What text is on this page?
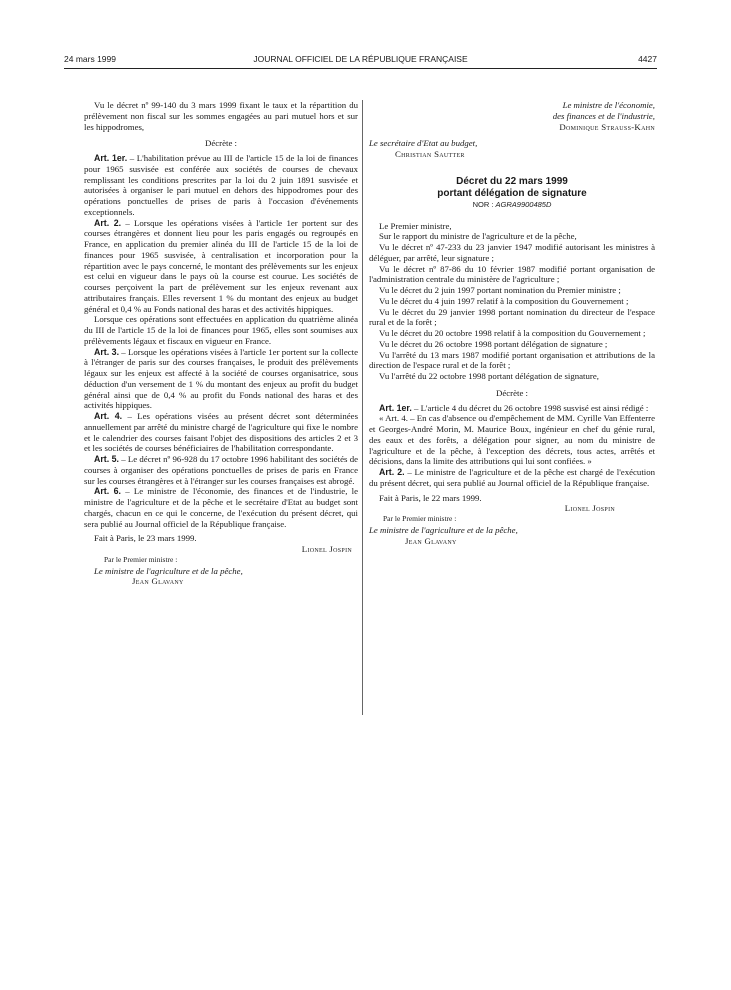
24 mars 1999	JOURNAL OFFICIEL DE LA RÉPUBLIQUE FRANÇAISE	4427

Vu le décret nº 99-140 du 3 mars 1999 fixant le taux et la répartition du prélèvement non fiscal sur les sommes engagées au pari mutuel hors et sur les hippodromes,

Décrète :

Art. 1er. – L'habilitation prévue au III de l'article 15 de la loi de finances pour 1965 susvisée est conférée aux sociétés de courses de chevaux remplissant les conditions prescrites par la loi du 2 juin 1891 susvisée et autorisées à organiser le pari mutuel en dehors des hippodromes pour des opérations ponctuelles de prises de paris à l'occasion d'événements exceptionnels.

Art. 2. – Lorsque les opérations visées à l'article 1er portent sur des courses étrangères et donnent lieu pour les paris engagés ou regroupés en France, en application du premier alinéa du III de l'article 15 de la loi de finances pour 1965 susvisée, à centralisation et incorporation pour la répartition avec le pays concerné, le montant des prélèvements sur les enjeux est celui en vigueur dans le pays où la course est courue. Les sociétés de courses perçoivent la part de prélèvement sur les enjeux revenant aux attributaires français. Elles reversent 1 % du montant des enjeux au budget général et 0,4 % au Fonds national des haras et des activités hippiques.

Lorsque ces opérations sont effectuées en application du quatrième alinéa du III de l'article 15 de la loi de finances pour 1965, elles sont soumises aux prélèvements légaux et fiscaux en vigueur en France.

Art. 3. – Lorsque les opérations visées à l'article 1er portent sur la collecte à l'étranger de paris sur des courses françaises, le produit des prélèvements légaux sur les enjeux est affecté à la société de courses organisatrice, sous déduction d'un versement de 1 % du montant des enjeux au profit du budget général ainsi que de 0,4 % au profit du Fonds national des haras et des activités hippiques.

Art. 4. – Les opérations visées au présent décret sont déterminées annuellement par arrêté du ministre chargé de l'agriculture qui fixe le nombre et le calendrier des courses faisant l'objet des dispositions des articles 2 et 3 et les sociétés de courses bénéficiaires de l'habilitation correspondante.

Art. 5. – Le décret nº 96-928 du 17 octobre 1996 habilitant des sociétés de courses à organiser des opérations ponctuelles de prises de paris en France sur les courses étrangères et à l'étranger sur les courses françaises est abrogé.

Art. 6. – Le ministre de l'économie, des finances et de l'industrie, le ministre de l'agriculture et de la pêche et le secrétaire d'Etat au budget sont chargés, chacun en ce qui le concerne, de l'exécution du présent décret, qui sera publié au Journal officiel de la République française.

Fait à Paris, le 23 mars 1999.

Lionel Jospin

Par le Premier ministre :

Le ministre de l'agriculture et de la pêche,

Jean Glavany

Le ministre de l'économie,

des finances et de l'industrie,

Dominique Strauss-Kahn

Le secrétaire d'Etat au budget,

Christian Sautter

Décret du 22 mars 1999
portant délégation de signature
NOR : AGRA9900485D

Le Premier ministre,

Sur le rapport du ministre de l'agriculture et de la pêche,

Vu le décret nº 47-233 du 23 janvier 1947 modifié autorisant les ministres à déléguer, par arrêté, leur signature ;

Vu le décret nº 87-86 du 10 février 1987 modifié portant organisation de l'administration centrale du ministère de l'agriculture ;

Vu le décret du 2 juin 1997 portant nomination du Premier ministre ;

Vu le décret du 4 juin 1997 relatif à la composition du Gouvernement ;

Vu le décret du 29 janvier 1998 portant nomination du directeur de l'espace rural et de la forêt ;

Vu le décret du 20 octobre 1998 relatif à la composition du Gouvernement ;

Vu le décret du 26 octobre 1998 portant délégation de signature ;

Vu l'arrêté du 13 mars 1987 modifié portant organisation et attributions de la direction de l'espace rural et de la forêt ;

Vu l'arrêté du 22 octobre 1998 portant délégation de signature,

Décrète :

Art. 1er. – L'article 4 du décret du 26 octobre 1998 susvisé est ainsi rédigé :

« Art. 4. – En cas d'absence ou d'empêchement de MM. Cyrille Van Effenterre et Georges-André Morin, M. Maurice Boux, ingénieur en chef du génie rural, des eaux et des forêts, a délégation pour signer, au nom du ministre de l'agriculture et de la pêche, à l'exception des décrets, tous actes, arrêtés et décisions, dans la limite des attributions qui lui sont confiées. »

Art. 2. – Le ministre de l'agriculture et de la pêche est chargé de l'exécution du présent décret, qui sera publié au Journal officiel de la République française.

Fait à Paris, le 22 mars 1999.

Lionel Jospin

Par le Premier ministre :

Le ministre de l'agriculture et de la pêche,

Jean Glavany
